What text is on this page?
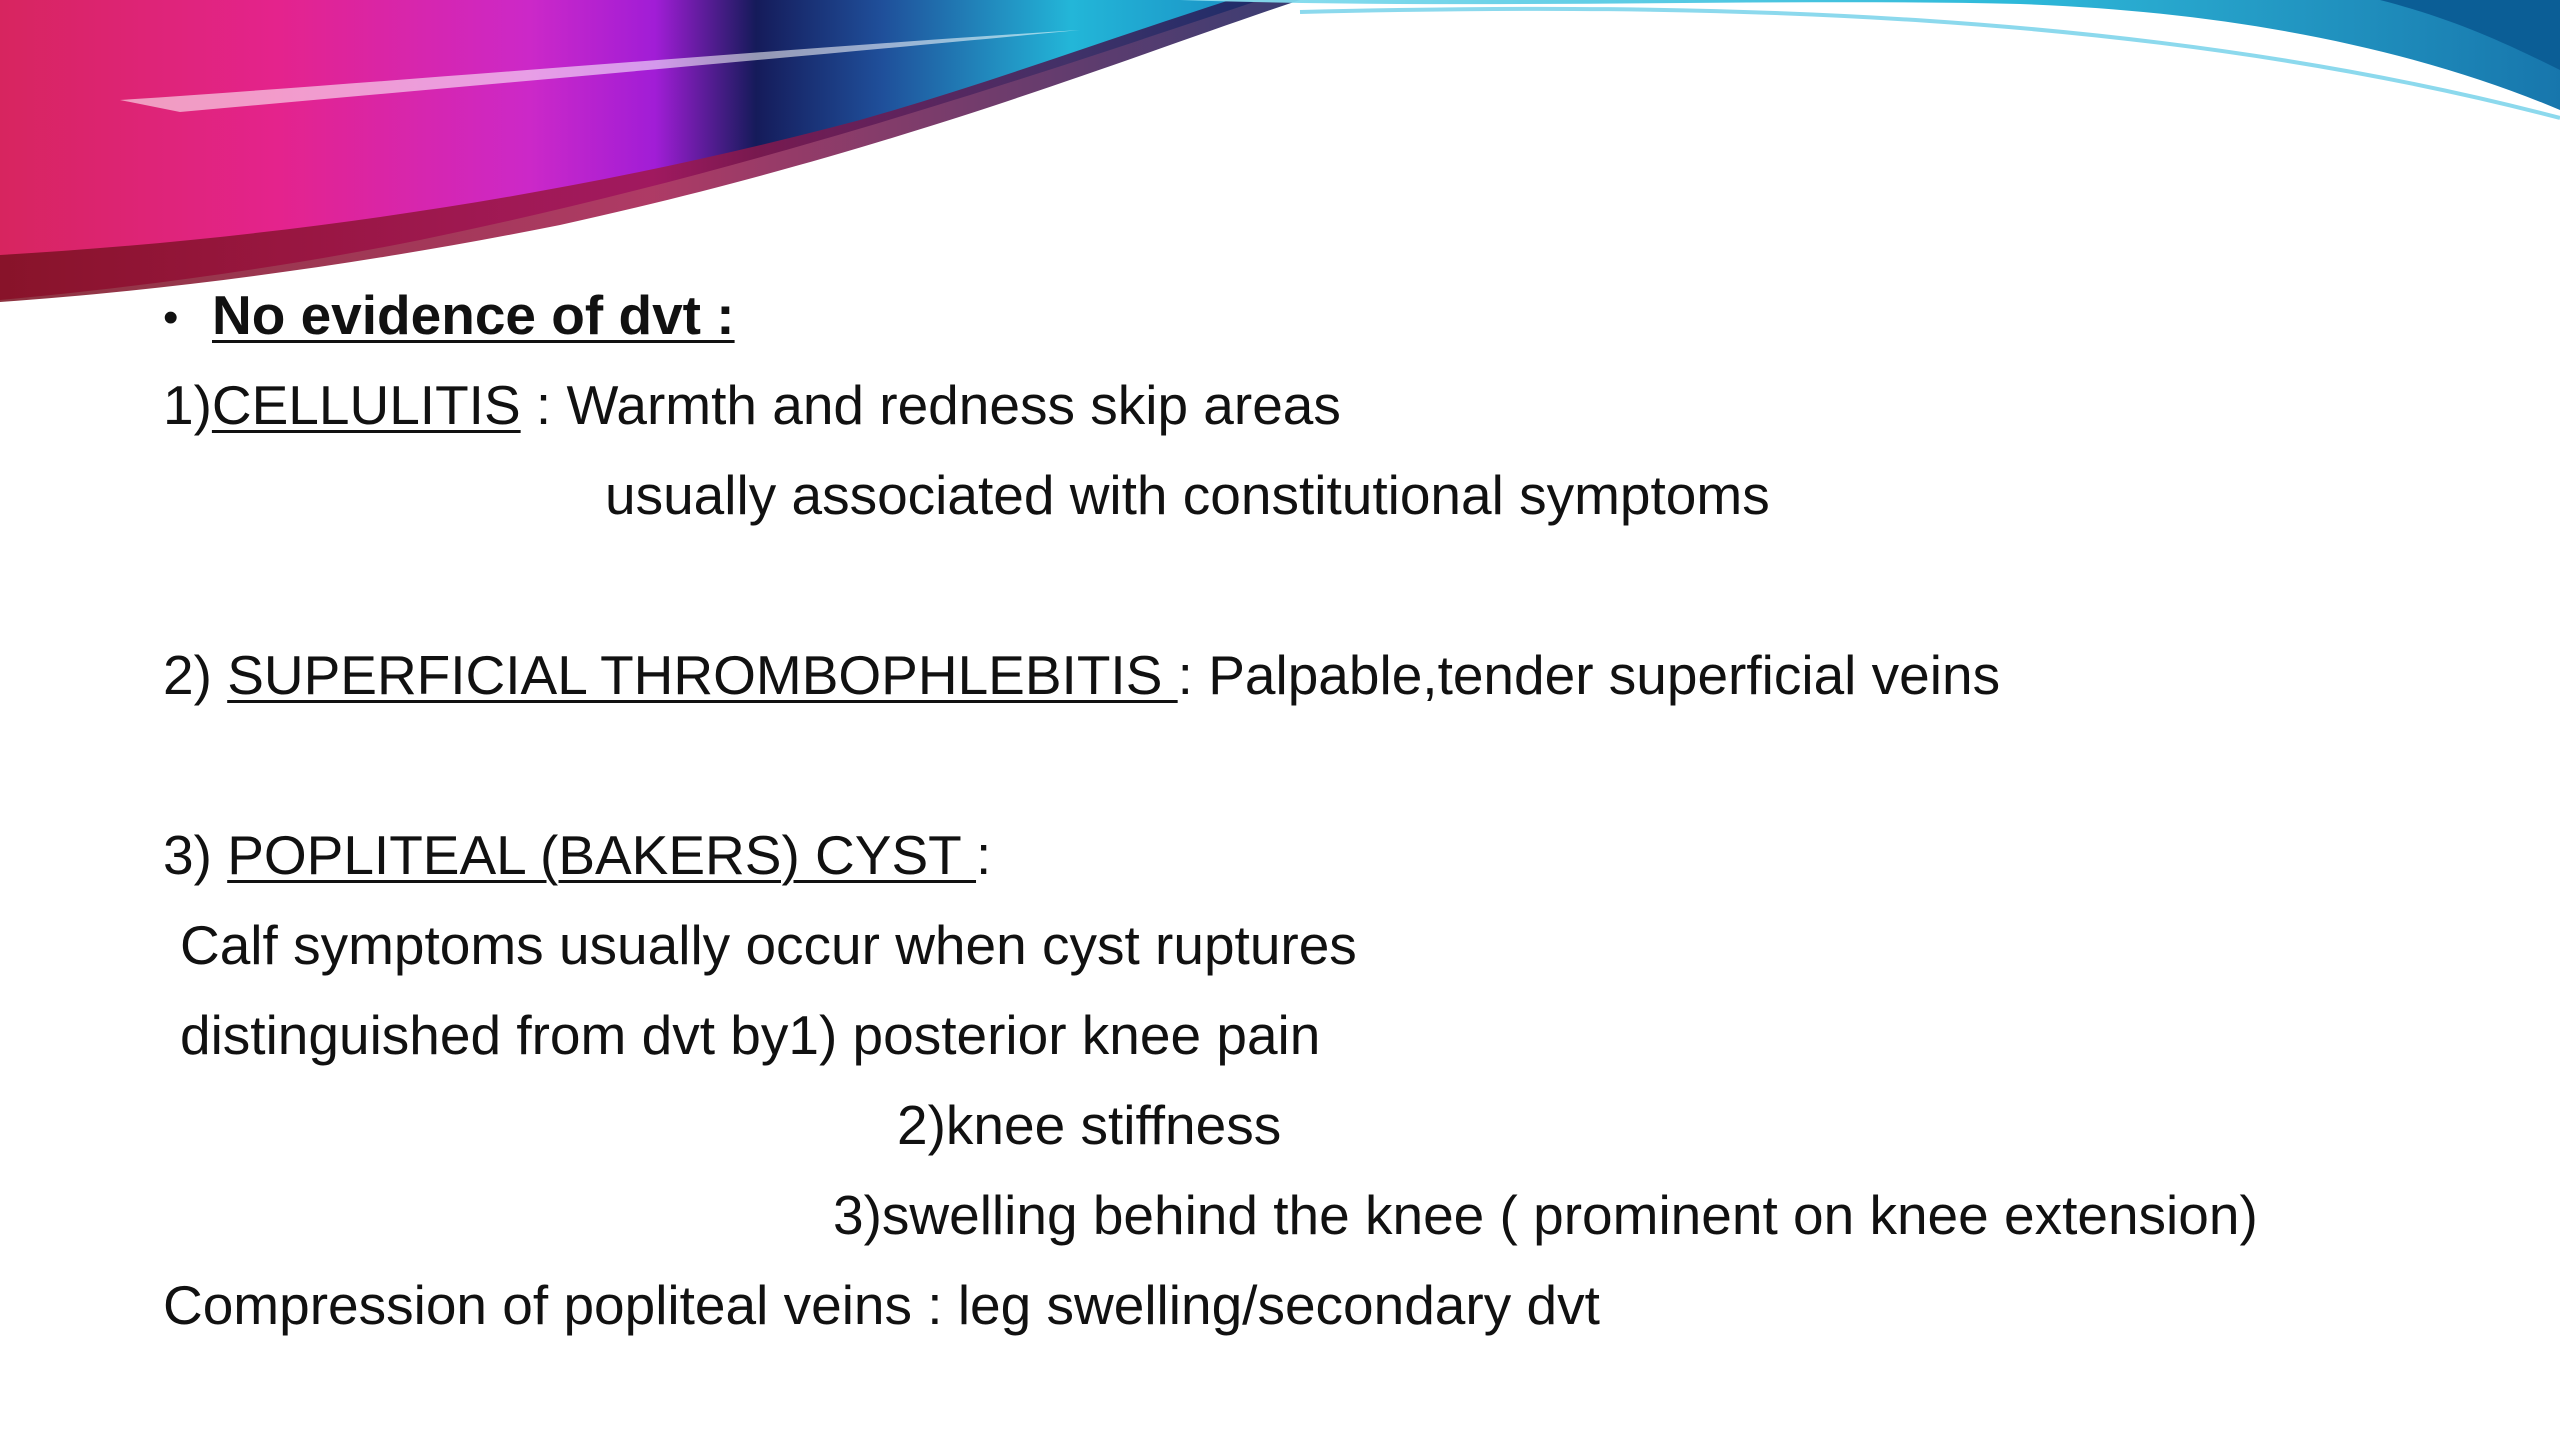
• No evidence of dvt :
1)CELLULITIS : Warmth and redness skip areas
usually associated with constitutional symptoms
2) SUPERFICIAL THROMBOPHLEBITIS : Palpable,tender superficial veins
3) POPLITEAL (BAKERS) CYST :
Calf symptoms usually occur when cyst ruptures
distinguished from dvt by1) posterior knee pain
2)knee stiffness
3)swelling behind the knee ( prominent on knee extension)
Compression of popliteal veins : leg swelling/secondary dvt
